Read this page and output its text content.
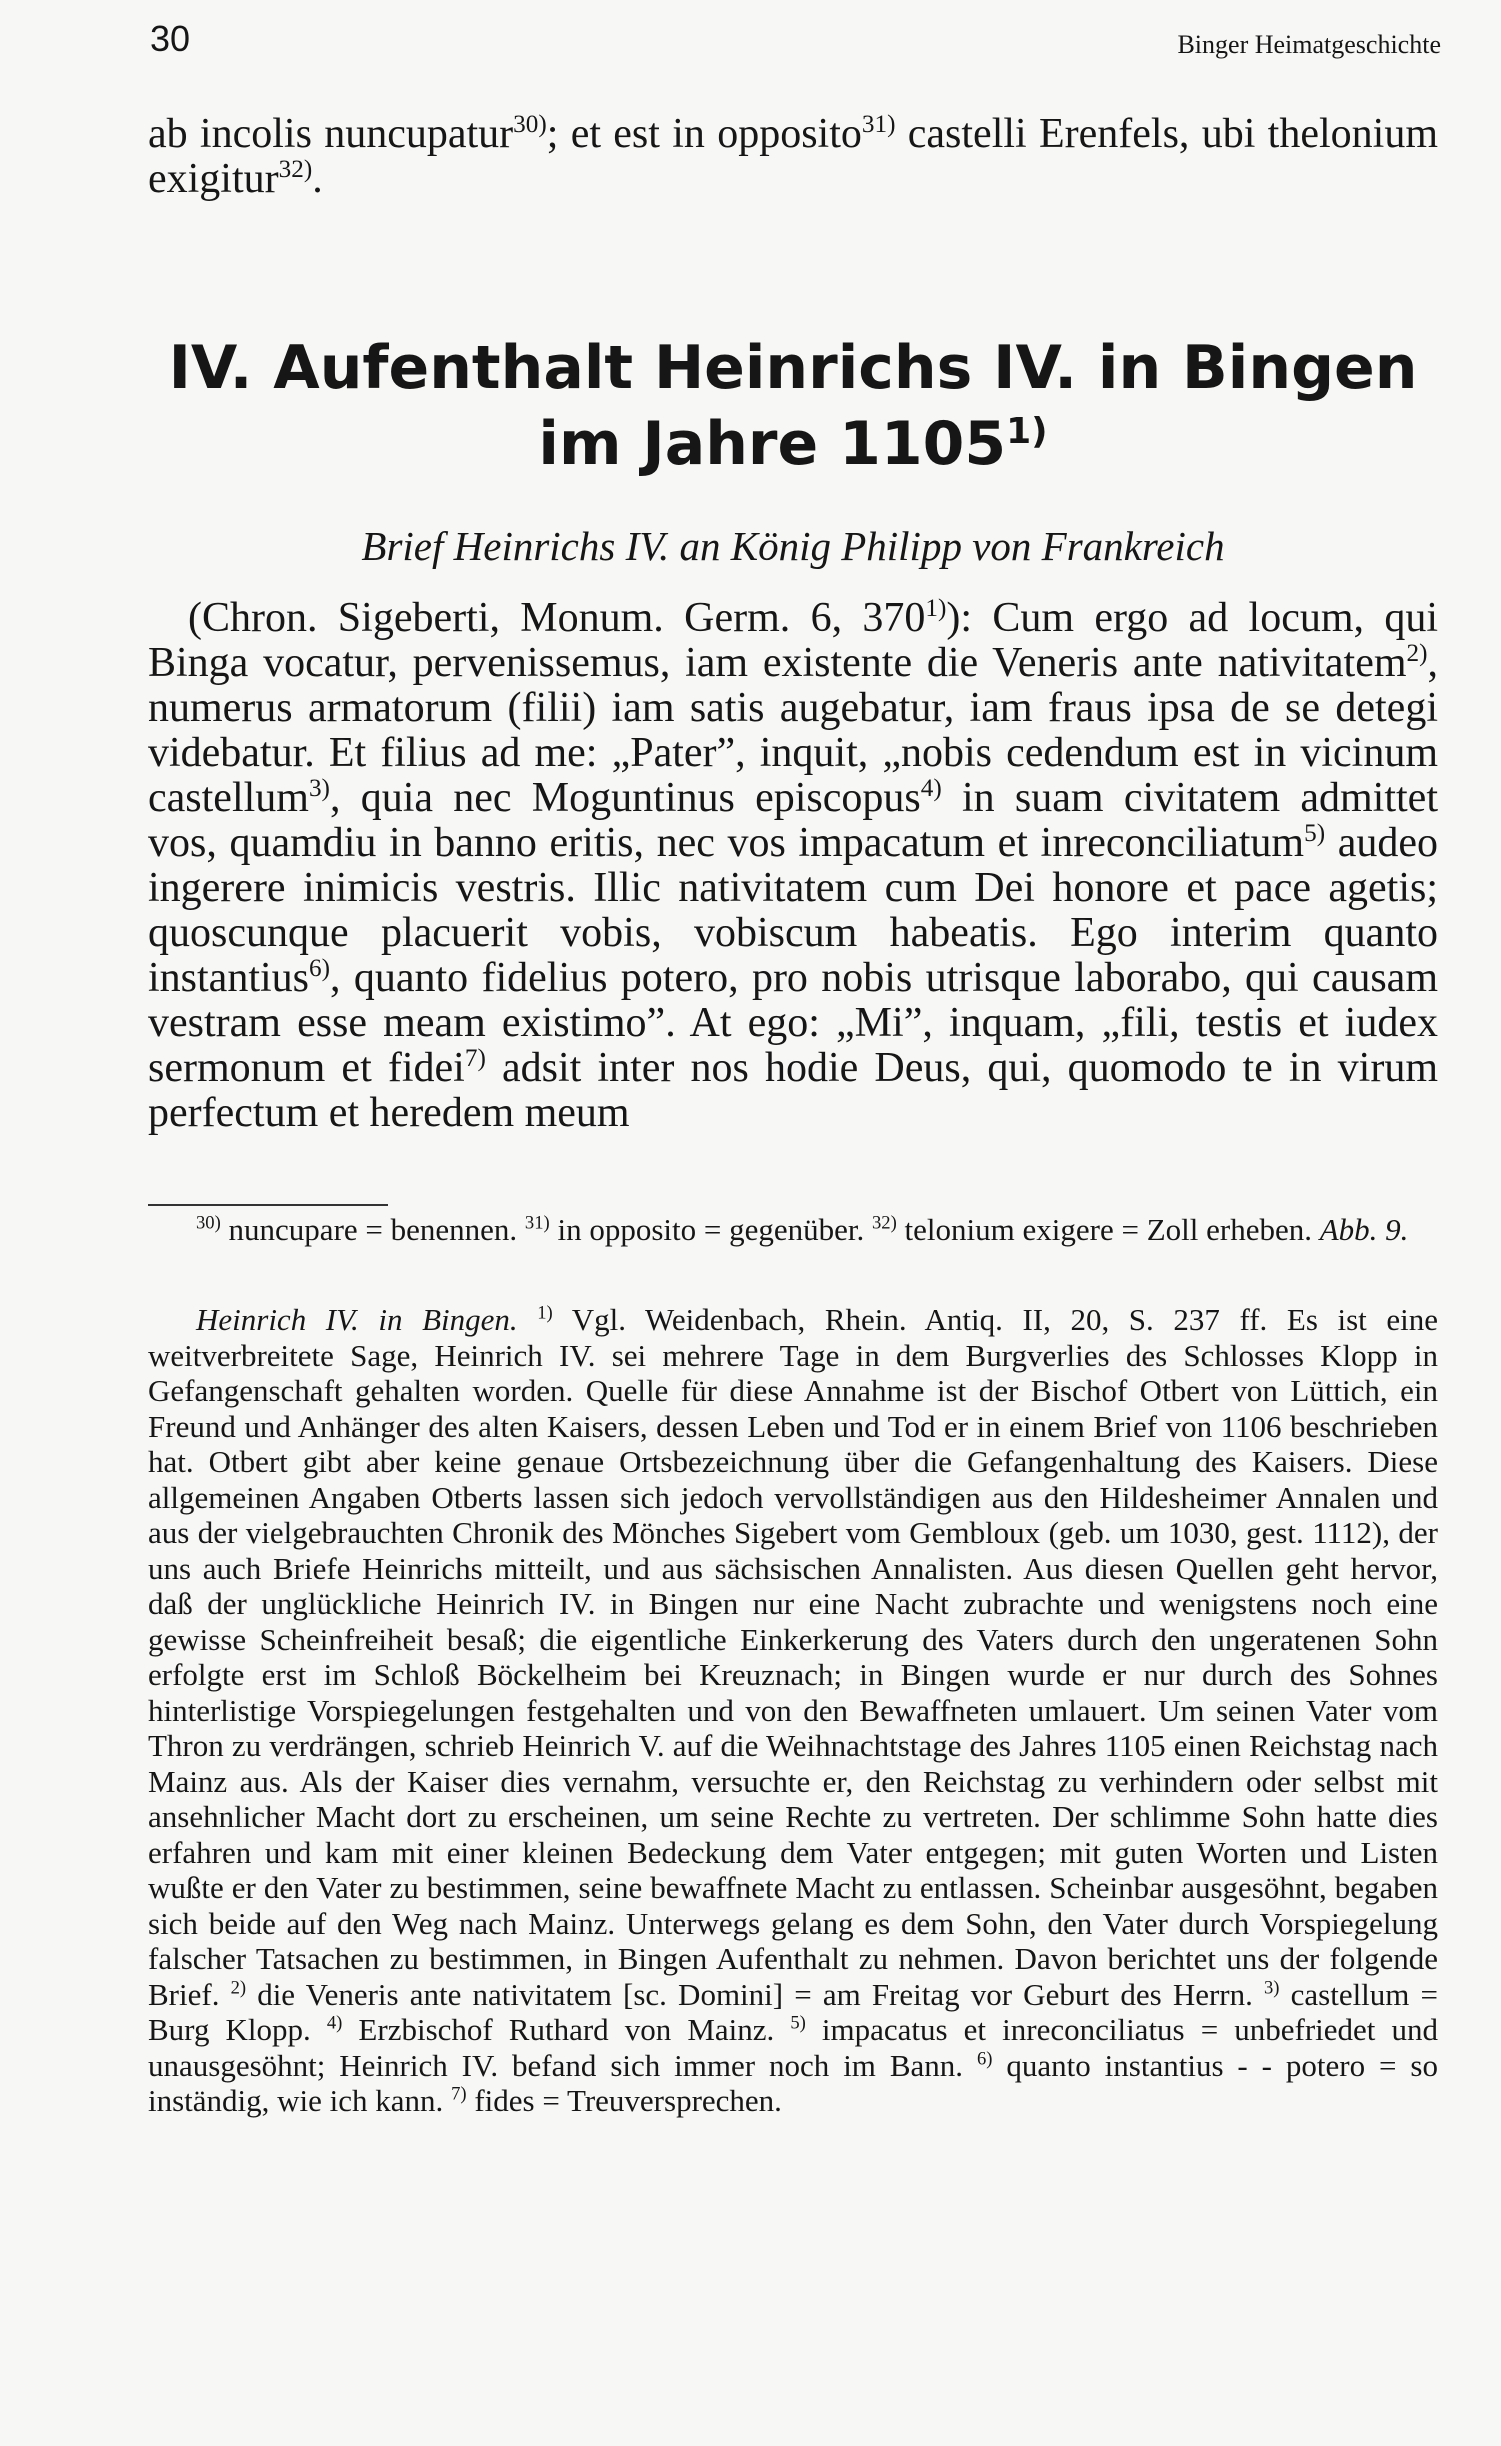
30	Binger Heimatgeschichte
ab incolis nuncupatur$^{30)}$; et est in opposito$^{31)}$ castelli Erenfels, ubi thelonium exigitur$^{32)}$.
IV. Aufenthalt Heinrichs IV. in Bingen
im Jahre 1105$^{1)}$
Brief Heinrichs IV. an König Philipp von Frankreich

(Chron. Sigeberti, Monum. Germ. 6, 370$^{1)}$): Cum ergo ad locum, qui Binga vocatur, pervenissemus, iam existente die Veneris ante nativitatem$^{2)}$, numerus armatorum (filii) iam satis augebatur, iam fraus ipsa de se detegi videbatur. Et filius ad me: „Pater”, inquit, „nobis cedendum est in vicinum castellum$^{3)}$, quia nec Moguntinus episcopus$^{4)}$ in suam civitatem admittet vos, quamdiu in banno eritis, nec vos impacatum et inreconciliatum$^{5)}$ audeo ingerere inimicis vestris. Illic nativitatem cum Dei honore et pace agetis; quoscunque placuerit vobis, vobiscum habeatis. Ego interim quanto instantius$^{6)}$, quanto fidelius potero, pro nobis utrisque laborabo, qui causam vestram esse meam existimo”. At ego: „Mi”, inquam, „fili, testis et iudex sermonum et fidei$^{7)}$ adsit inter nos hodie Deus, qui, quomodo te in virum perfectum et heredem meum

$^{30)}$ nuncupare = benennen. $^{31)}$ in opposito = gegenüber. $^{32)}$ telonium exigere = Zoll erheben. Abb. 9.
Heinrich IV. in Bingen. $^{1)}$ Vgl. Weidenbach, Rhein. Antiq. II, 20, S. 237 ff. Es ist eine weitverbreitete Sage, Heinrich IV. sei mehrere Tage in dem Burgverlies des Schlosses Klopp in Gefangenschaft gehalten worden. Quelle für diese Annahme ist der Bischof Otbert von Lüttich, ein Freund und Anhänger des alten Kaisers, dessen Leben und Tod er in einem Brief von 1106 beschrieben hat. Otbert gibt aber keine genaue Ortsbezeichnung über die Gefangenhaltung des Kaisers. Diese allgemeinen Angaben Otberts lassen sich jedoch vervollständigen aus den Hildesheimer Annalen und aus der vielgebrauchten Chronik des Mönches Sigebert vom Gembloux (geb. um 1030, gest. 1112), der uns auch Briefe Heinrichs mitteilt, und aus sächsischen Annalisten. Aus diesen Quellen geht hervor, daß der unglückliche Heinrich IV. in Bingen nur eine Nacht zubrachte und wenigstens noch eine gewisse Scheinfreiheit besaß; die eigentliche Einkerkerung des Vaters durch den ungeratenen Sohn erfolgte erst im Schloß Böckelheim bei Kreuznach; in Bingen wurde er nur durch des Sohnes hinterlistige Vorspiegelungen festgehalten und von den Bewaffneten umlauert. Um seinen Vater vom Thron zu verdrängen, schrieb Heinrich V. auf die Weihnachtstage des Jahres 1105 einen Reichstag nach Mainz aus. Als der Kaiser dies vernahm, versuchte er, den Reichstag zu verhindern oder selbst mit ansehnlicher Macht dort zu erscheinen, um seine Rechte zu vertreten. Der schlimme Sohn hatte dies erfahren und kam mit einer kleinen Bedeckung dem Vater entgegen; mit guten Worten und Listen wußte er den Vater zu bestimmen, seine bewaffnete Macht zu entlassen. Scheinbar ausgesöhnt, begaben sich beide auf den Weg nach Mainz. Unterwegs gelang es dem Sohn, den Vater durch Vorspiegelung falscher Tatsachen zu bestimmen, in Bingen Aufenthalt zu nehmen. Davon berichtet uns der folgende Brief. $^{2)}$ die Veneris ante nativitatem [sc. Domini] = am Freitag vor Geburt des Herrn. $^{3)}$ castellum = Burg Klopp. $^{4)}$ Erzbischof Ruthard von Mainz. $^{5)}$ impacatus et inreconciliatus = unbefriedet und unausgesöhnt; Heinrich IV. befand sich immer noch im Bann. $^{6)}$ quanto instantius - - potero = so inständig, wie ich kann. $^{7)}$ fides = Treuversprechen.
